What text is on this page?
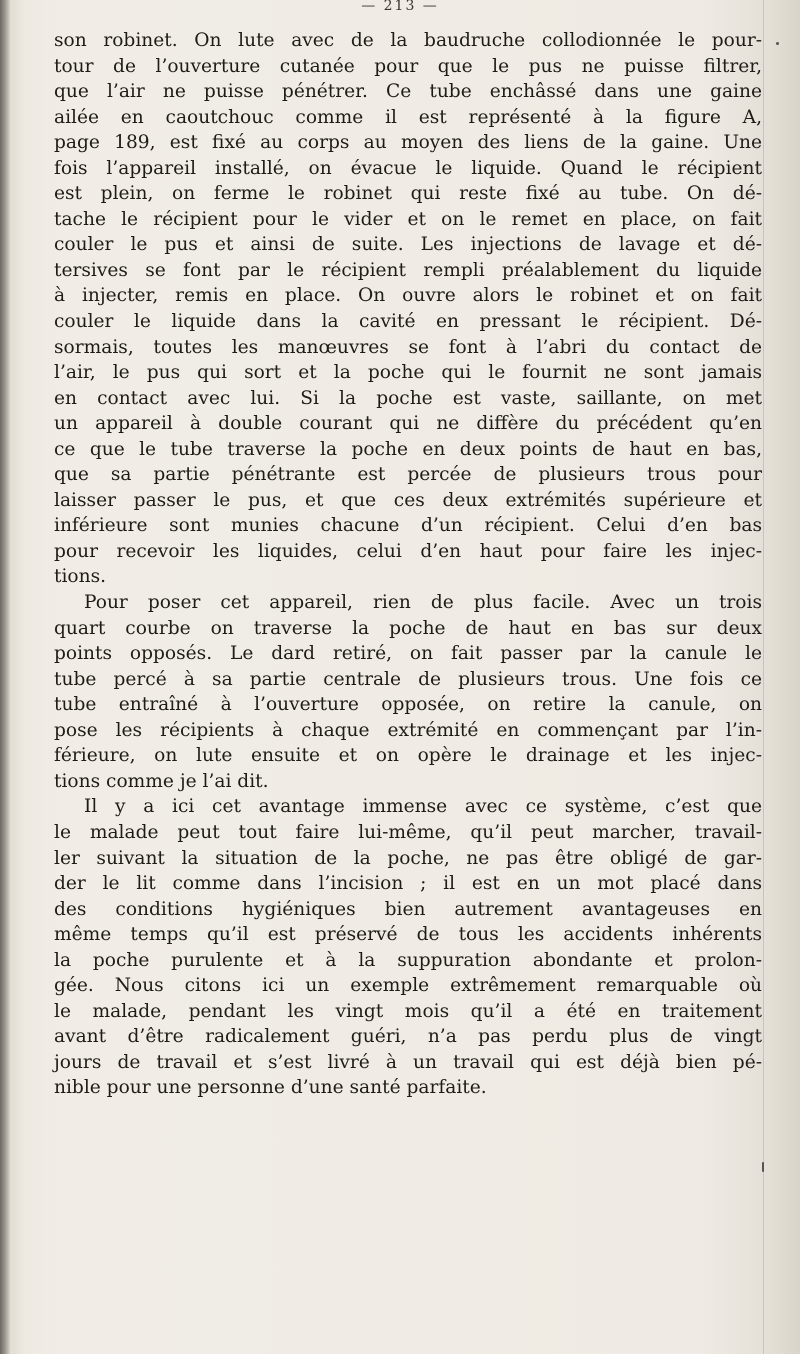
— 213 —
son robinet. On lute avec de la baudruche collodionnée le pour-
tour de l’ouverture cutanée pour que le pus ne puisse filtrer,
que l’air ne puisse pénétrer. Ce tube enchâssé dans une gaine
ailée en caoutchouc comme il est représenté à la figure A,
page 189, est fixé au corps au moyen des liens de la gaine. Une
fois l’appareil installé, on évacue le liquide. Quand le récipient
est plein, on ferme le robinet qui reste fixé au tube. On dé-
tache le récipient pour le vider et on le remet en place, on fait
couler le pus et ainsi de suite. Les injections de lavage et dé-
tersives se font par le récipient rempli préalablement du liquide
à injecter, remis en place. On ouvre alors le robinet et on fait
couler le liquide dans la cavité en pressant le récipient. Dé-
sormais, toutes les manœuvres se font à l’abri du contact de
l’air, le pus qui sort et la poche qui le fournit ne sont jamais
en contact avec lui. Si la poche est vaste, saillante, on met
un appareil à double courant qui ne diffère du précédent qu’en
ce que le tube traverse la poche en deux points de haut en bas,
que sa partie pénétrante est percée de plusieurs trous pour
laisser passer le pus, et que ces deux extrémités supérieure et
inférieure sont munies chacune d’un récipient. Celui d’en bas
pour recevoir les liquides, celui d’en haut pour faire les injec-
tions.
Pour poser cet appareil, rien de plus facile. Avec un trois
quart courbe on traverse la poche de haut en bas sur deux
points opposés. Le dard retiré, on fait passer par la canule le
tube percé à sa partie centrale de plusieurs trous. Une fois ce
tube entraîné à l’ouverture opposée, on retire la canule, on
pose les récipients à chaque extrémité en commençant par l’in-
férieure, on lute ensuite et on opère le drainage et les injec-
tions comme je l’ai dit.
Il y a ici cet avantage immense avec ce système, c’est que
le malade peut tout faire lui-même, qu’il peut marcher, travail-
ler suivant la situation de la poche, ne pas être obligé de gar-
der le lit comme dans l’incision ; il est en un mot placé dans
des conditions hygiéniques bien autrement avantageuses en
même temps qu’il est préservé de tous les accidents inhérents
la poche purulente et à la suppuration abondante et prolon-
gée. Nous citons ici un exemple extrêmement remarquable où
le malade, pendant les vingt mois qu’il a été en traitement
avant d’être radicalement guéri, n’a pas perdu plus de vingt
jours de travail et s’est livré à un travail qui est déjà bien pé-
nible pour une personne d’une santé parfaite.
